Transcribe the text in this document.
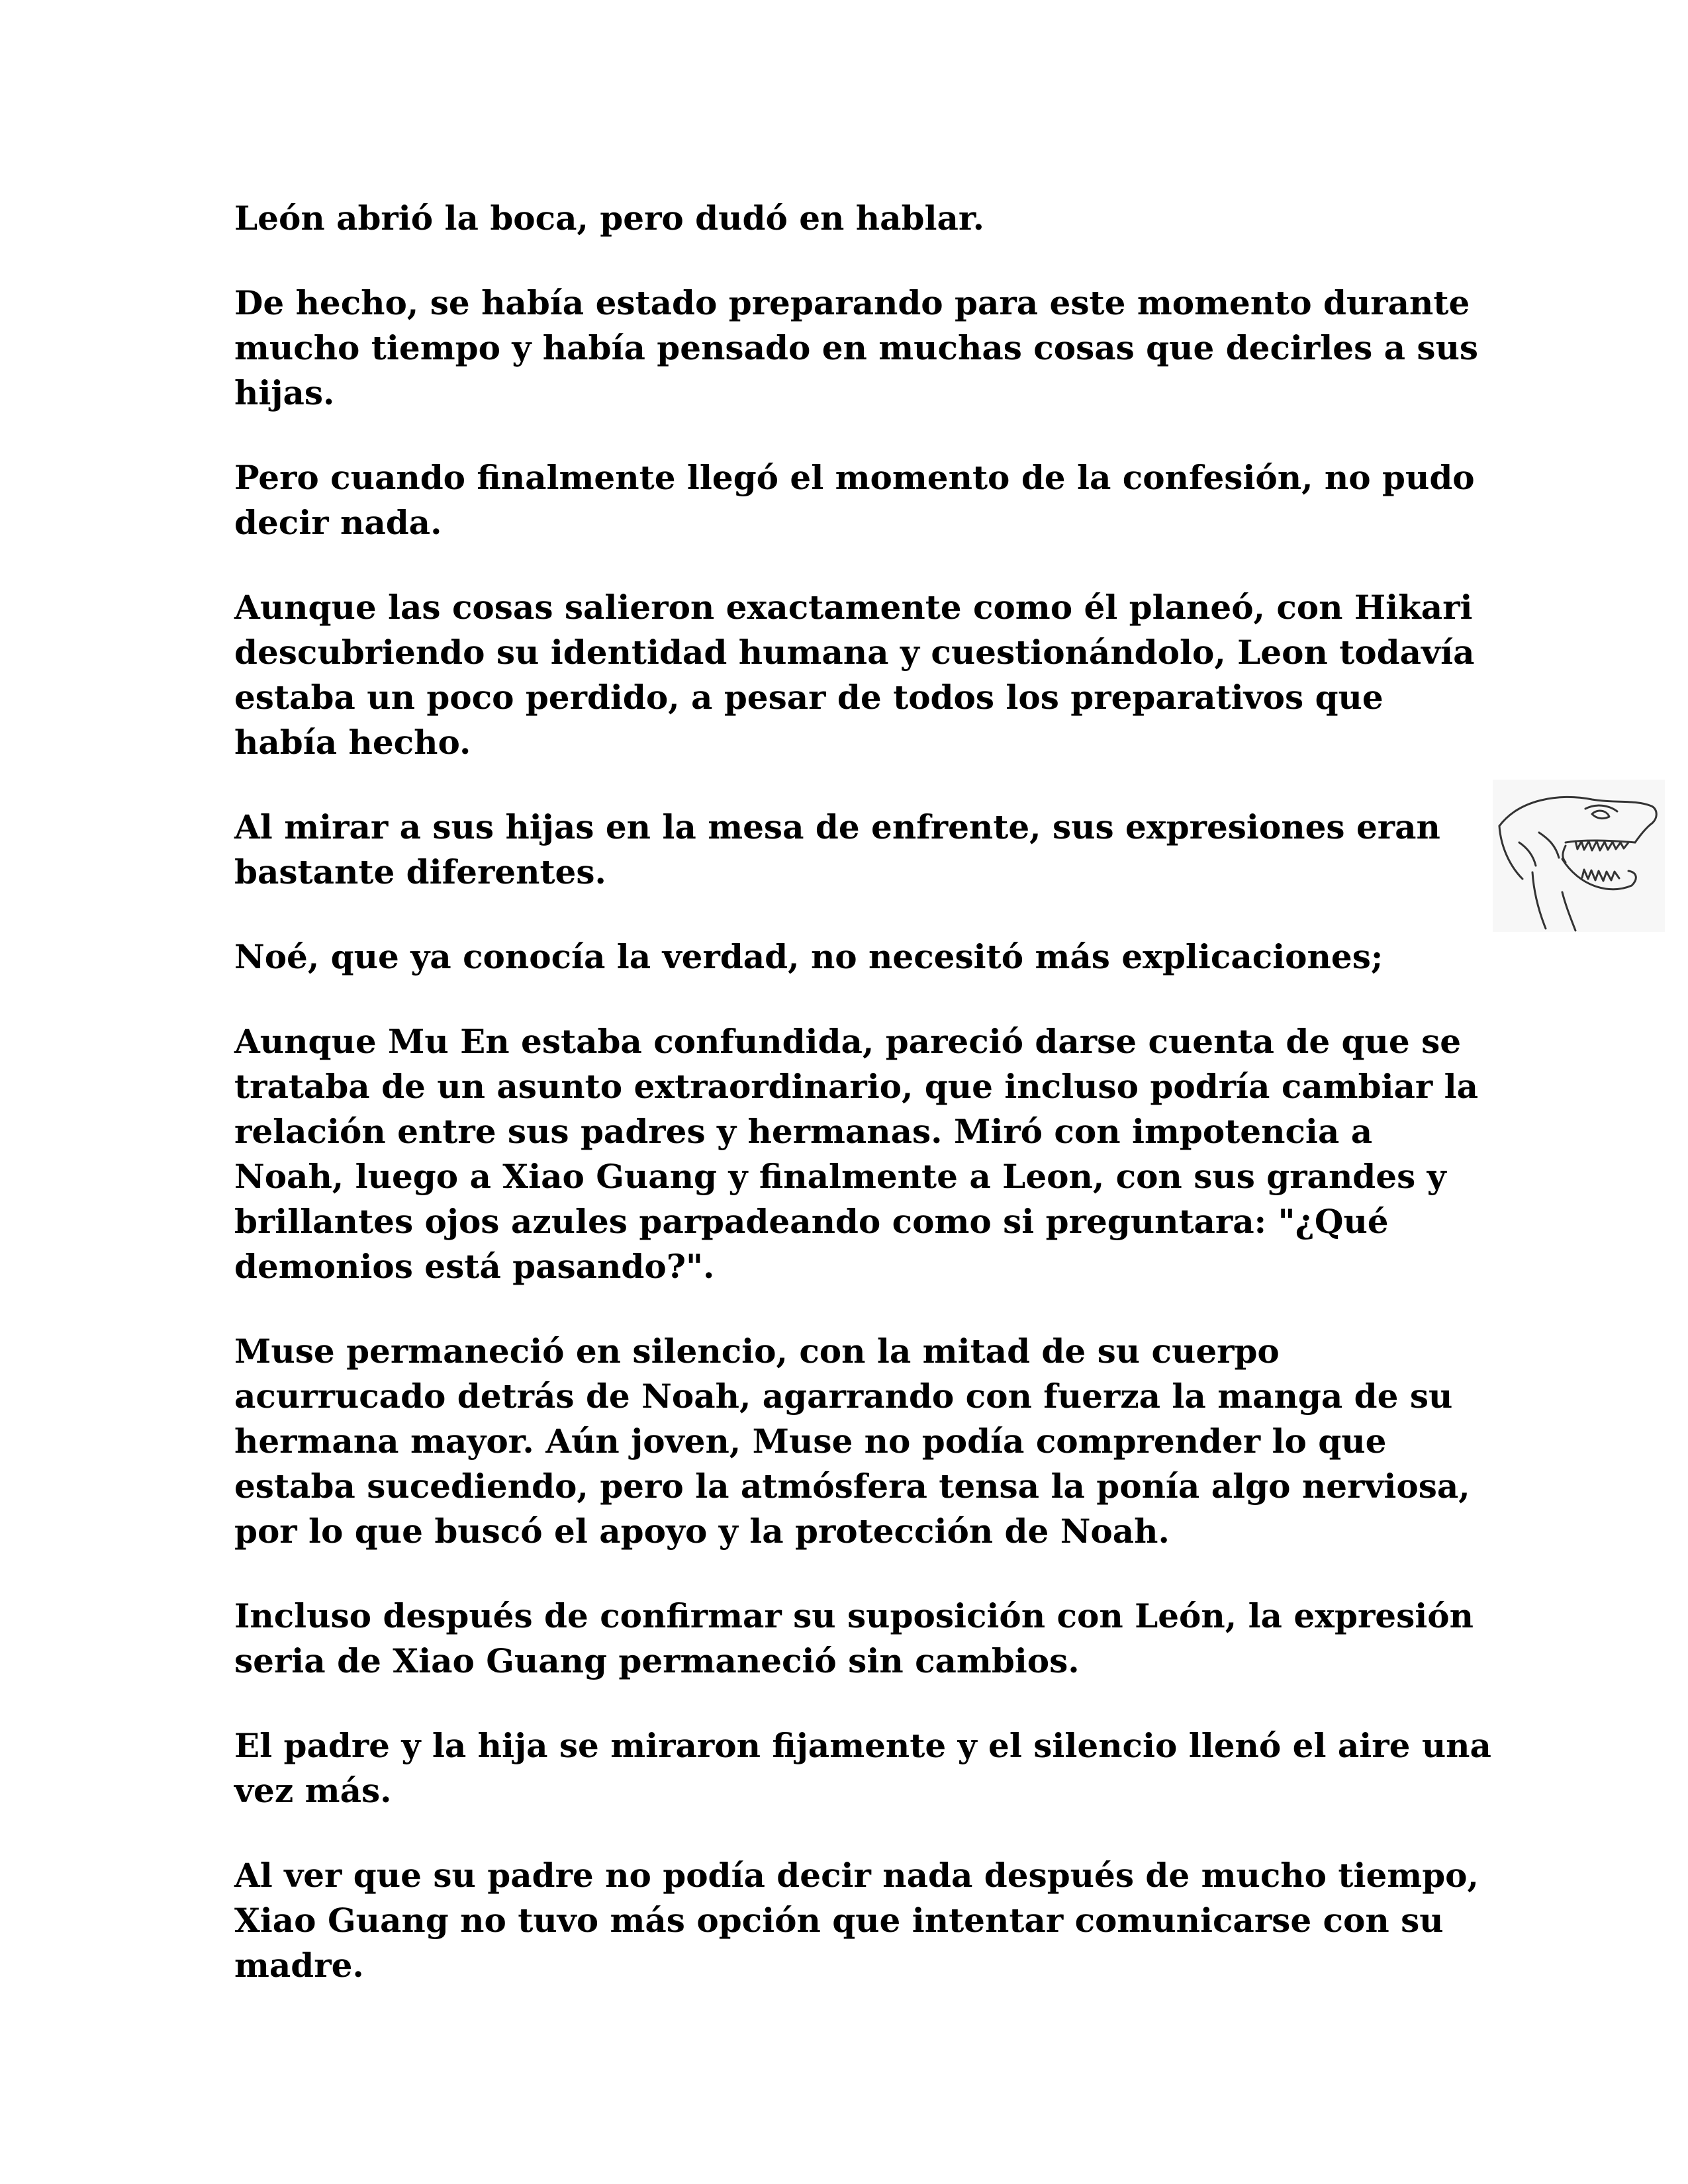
León abrió la boca, pero dudó en hablar.

De hecho, se había estado preparando para este momento durante mucho tiempo y había pensado en muchas cosas que decirles a sus hijas.

Pero cuando finalmente llegó el momento de la confesión, no pudo decir nada.

Aunque las cosas salieron exactamente como él planeó, con Hikari descubriendo su identidad humana y cuestionándolo, Leon todavía estaba un poco perdido, a pesar de todos los preparativos que había hecho.

Al mirar a sus hijas en la mesa de enfrente, sus expresiones eran bastante diferentes.

Noé, que ya conocía la verdad, no necesitó más explicaciones;

Aunque Mu En estaba confundida, pareció darse cuenta de que se trataba de un asunto extraordinario, que incluso podría cambiar la relación entre sus padres y hermanas. Miró con impotencia a Noah, luego a Xiao Guang y finalmente a Leon, con sus grandes y brillantes ojos azules parpadeando como si preguntara: "¿Qué demonios está pasando?".

Muse permaneció en silencio, con la mitad de su cuerpo acurrucado detrás de Noah, agarrando con fuerza la manga de su hermana mayor. Aún joven, Muse no podía comprender lo que estaba sucediendo, pero la atmósfera tensa la ponía algo nerviosa, por lo que buscó el apoyo y la protección de Noah.

Incluso después de confirmar su suposición con León, la expresión seria de Xiao Guang permaneció sin cambios.

El padre y la hija se miraron fijamente y el silencio llenó el aire una vez más.

Al ver que su padre no podía decir nada después de mucho tiempo, Xiao Guang no tuvo más opción que intentar comunicarse con su madre.
